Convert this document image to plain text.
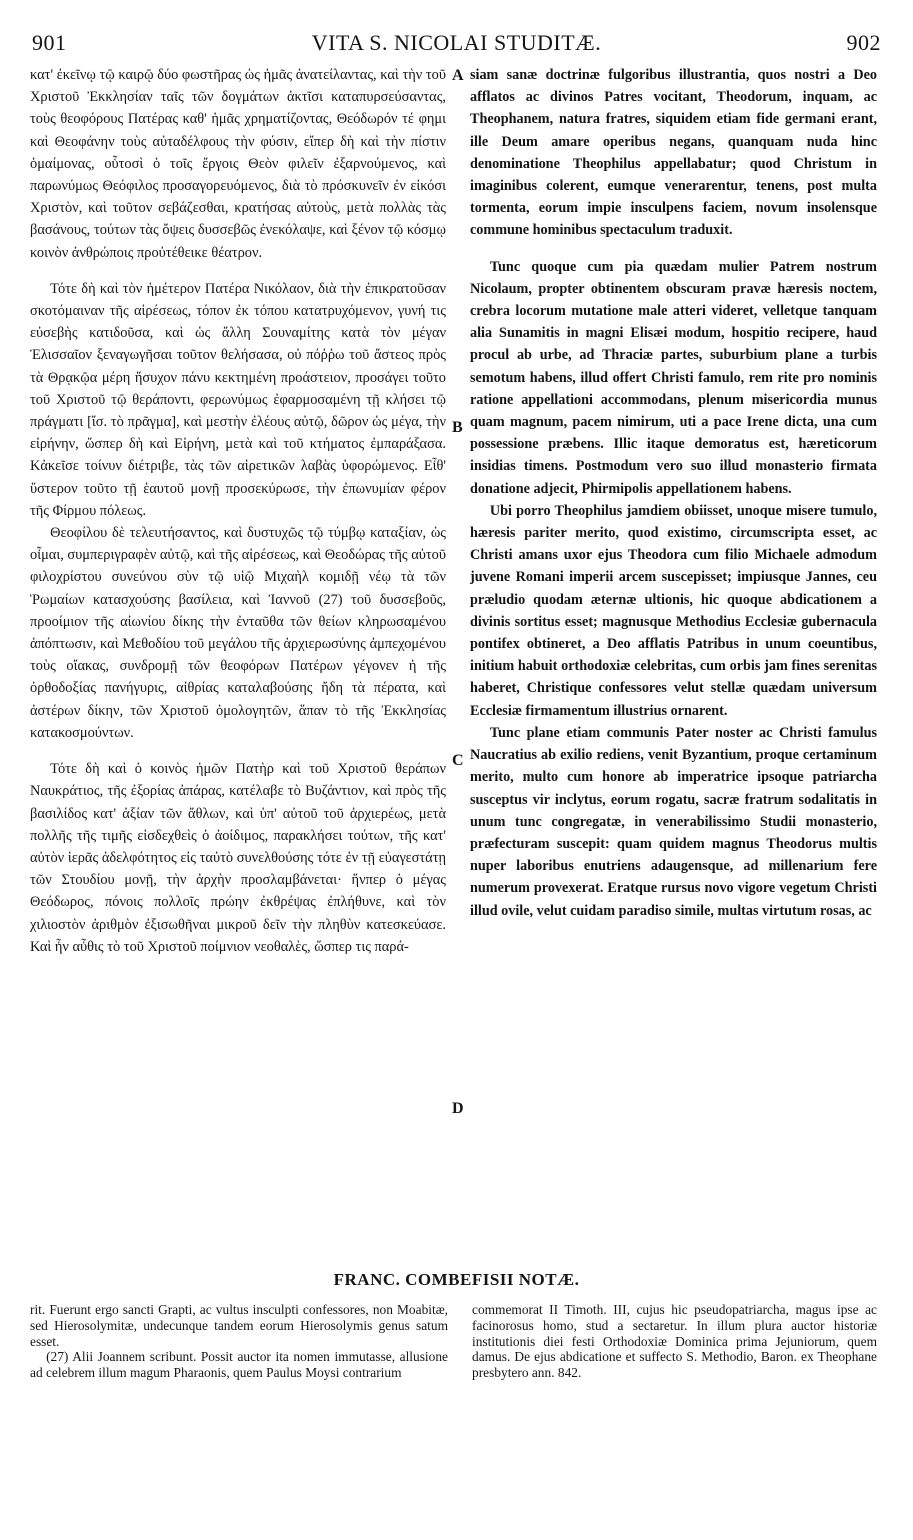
901	VITA S. NICOLAI STUDITÆ.	902

κατ' ἐκεῖνῳ τῷ καιρῷ δύο φωστῆρας ὡς ἡμᾶς ἀνατείλαντας, καὶ τὴν τοῦ Χριστοῦ Ἐκκλησίαν ταῖς τῶν δογμάτων ἀκτῖσι καταπυρσεύσαντας, τοὺς θεοφόρους Πατέρας καθ' ἡμᾶς χρηματίζοντας, Θεόδωρόν τέ φημι καὶ Θεοφάνην τοὺς αὐταδέλφους τὴν φύσιν, εἴπερ δὴ καὶ τὴν πίστιν ὁμαίμονας, οὗτοσὶ ὁ τοῖς ἔργοις Θεὸν φιλεῖν ἐξαρνούμενος, καὶ παρωνύμως Θεόφιλος προσαγορευόμενος, διὰ τὸ πρόσκυνεῖν ἐν εἰκόσι Χριστὸν, καὶ τοῦτον σεβάζεσθαι, κρατήσας αὐτοὺς, μετὰ πολλὰς τὰς βασάνους, τούτων τὰς ὄψεις δυσσεβῶς ἐνεκόλαψε, καὶ ξένον τῷ κόσμῳ κοινὸν ἀνθρώποις προὐτέθεικε θέατρον.

Τότε δὴ καὶ τὸν ἡμέτερον Πατέρα Νικόλαον, διὰ τὴν ἐπικρατοῦσαν σκοτόμαιναν τῆς αἱρέσεως, τόπον ἐκ τόπου κατατρυχόμενον, γυνή τις εὐσεβὴς κατιδοῦσα, καὶ ὡς ἄλλη Σουναμίτης κατὰ τὸν μέγαν Ἐλισσαῖον ξεναγωγῆσαι τοῦτον θελήσασα, οὐ πόῤῥω τοῦ ἄστεος πρὸς τὰ Θρᾳκῷα μέρη ἥσυχον πάνυ κεκτημένη προάστειον, προσάγει τοῦτο τοῦ Χριστοῦ τῷ θεράποντι, φερωνύμως ἐφαρμοσαμένη τῇ κλήσει τῷ πράγματι [ἴσ. τὸ πρᾶγμα], καὶ μεστὴν ἐλέους αὐτῷ, δῶρον ὡς μέγα, τὴν εἰρήνην, ὥσπερ δὴ καὶ Εἰρήνη, μετὰ καὶ τοῦ κτήματος ἐμπαράξασα. Κἀκεῖσε τοίνυν διέτριβε, τὰς τῶν αἱρετικῶν λαβὰς ὑφορώμενος. Εἶθ' ὕστερον τοῦτο τῇ ἑαυτοῦ μονῇ προσεκύρωσε, τὴν ἐπωνυμίαν φέρον τῆς Φίρμου πόλεως.

Θεοφίλου δὲ τελευτήσαντος, καὶ δυστυχῶς τῷ τύμβῳ καταξίαν, ὡς οἶμαι, συμπεριγραφὲν αὐτῷ, καὶ τῆς αἱρέσεως, καὶ Θεοδώρας τῆς αὐτοῦ φιλοχρίστου συνεύνου σὺν τῷ υἱῷ Μιχαὴλ κομιδῇ νέῳ τὰ τῶν Ῥωμαίων κατασχούσης βασίλεια, καὶ Ἰαννοῦ (27) τοῦ δυσσεβοῦς, προοίμιον τῆς αἰωνίου δίκης τὴν ἐνταῦθα τῶν θείων κληρωσαμένου ἀπόπτωσιν, καὶ Μεθοδίου τοῦ μεγάλου τῆς ἀρχιερωσύνης ἀμπεχομένου τοὺς οἴακας, συνδρομῇ τῶν θεοφόρων Πατέρων γέγονεν ἡ τῆς ὀρθοδοξίας πανήγυρις, αἰθρίας καταλαβούσης ἤδη τὰ πέρατα, καὶ ἀστέρων δίκην, τῶν Χριστοῦ ὁμολογητῶν, ἅπαν τὸ τῆς Ἐκκλησίας κατακοσμούντων.

Τότε δὴ καὶ ὁ κοινὸς ἡμῶν Πατὴρ καὶ τοῦ Χριστοῦ θεράπων Ναυκράτιος, τῆς ἐξορίας ἀπάρας, κατέλαβε τὸ Βυζάντιον, καὶ πρὸς τῆς βασιλίδος κατ' ἀξίαν τῶν ἄθλων, καὶ ὑπ' αὐτοῦ τοῦ ἀρχιερέως, μετὰ πολλῆς τῆς τιμῆς εἰσδεχθεὶς ὁ ἀοίδιμος, παρακλήσει τούτων, τῆς κατ' αὐτὸν ἱερᾶς ἀδελφότητος εἰς ταὐτὸ συνελθούσης τότε ἐν τῇ εὐαγεστάτῃ τῶν Στουδίου μονῇ, τὴν ἀρχὴν προσλαμβάνεται· ἥνπερ ὁ μέγας Θεόδωρος, πόνοις πολλοῖς πρώην ἐκθρέψας ἐπλήθυνε, καὶ τὸν χιλιοστὸν ἀριθμὸν ἐξισωθῆναι μικροῦ δεῖν τὴν πληθὺν κατεσκεύασε. Καὶ ἦν αὖθις τὸ τοῦ Χριστοῦ ποίμνιον νεοθαλὲς, ὥσπερ τις παρά-

A
B
C
D

siam sanæ doctrinæ fulgoribus illustrantia, quos nostri a Deo afflatos ac divinos Patres vocitant, Theodorum, inquam, ac Theophanem, natura fratres, siquidem etiam fide germani erant, ille Deum amare operibus negans, quanquam nuda hinc denominatione Theophilus appellabatur; quod Christum in imaginibus colerent, eumque venerarentur, tenens, post multa tormenta, eorum impie insculpens faciem, novum insolensque commune hominibus spectaculum traduxit.

Tunc quoque cum pia quædam mulier Patrem nostrum Nicolaum, propter obtinentem obscuram pravæ hæresis noctem, crebra locorum mutatione male atteri videret, velletque tanquam alia Sunamitis in magni Elisæi modum, hospitio recipere, haud procul ab urbe, ad Thraciæ partes, suburbium plane a turbis semotum habens, illud offert Christi famulo, rem rite pro nominis ratione appellationi accommodans, plenum misericordia munus quam magnum, pacem nimirum, uti a pace Irene dicta, una cum possessione præbens. Illic itaque demoratus est, hæreticorum insidias timens. Postmodum vero suo illud monasterio firmata donatione adjecit, Phirmipolis appellationem habens.

Ubi porro Theophilus jamdiem obiisset, unoque misere tumulo, hæresis pariter merito, quod existimo, circumscripta esset, ac Christi amans uxor ejus Theodora cum filio Michaele admodum juvene Romani imperii arcem suscepisset; impiusque Jannes, ceu præludio quodam æternæ ultionis, hic quoque abdicationem a divinis sortitus esset; magnusque Methodius Ecclesiæ gubernacula pontifex obtineret, a Deo afflatis Patribus in unum coeuntibus, initium habuit orthodoxiæ celebritas, cum orbis jam fines serenitas haberet, Christique confessores velut stellæ quædam universum Ecclesiæ firmamentum illustrius ornarent.

Tunc plane etiam communis Pater noster ac Christi famulus Naucratius ab exilio rediens, venit Byzantium, proque certaminum merito, multo cum honore ab imperatrice ipsoque patriarcha susceptus vir inclytus, eorum rogatu, sacræ fratrum sodalitatis in unum tunc congregatæ, in venerabilissimo Studii monasterio, præfecturam suscepit: quam quidem magnus Theodorus multis nuper laboribus enutriens adaugensque, ad millenarium fere numerum provexerat. Eratque rursus novo vigore vegetum Christi illud ovile, velut cuidam paradiso simile, multas virtutum rosas, ac

FRANC. COMBEFISII NOTÆ.

rit. Fuerunt ergo sancti Grapti, ac vultus insculpti confessores, non Moabitæ, sed Hierosolymitæ, undecunque tandem eorum Hierosolymis genus satum esset.

(27) Alii Joannem scribunt. Possit auctor ita nomen immutasse, allusione ad celebrem illum magum Pharaonis, quem Paulus Moysi contrarium

commemorat II Timoth. III, cujus hic pseudopatriarcha, magus ipse ac facinorosus homo, stud a sectaretur. In illum plura auctor historiæ institutionis diei festi Orthodoxiæ Dominica prima Jejuniorum, quem damus. De ejus abdicatione et suffecto S. Methodio, Baron. ex Theophane presbytero ann. 842.
